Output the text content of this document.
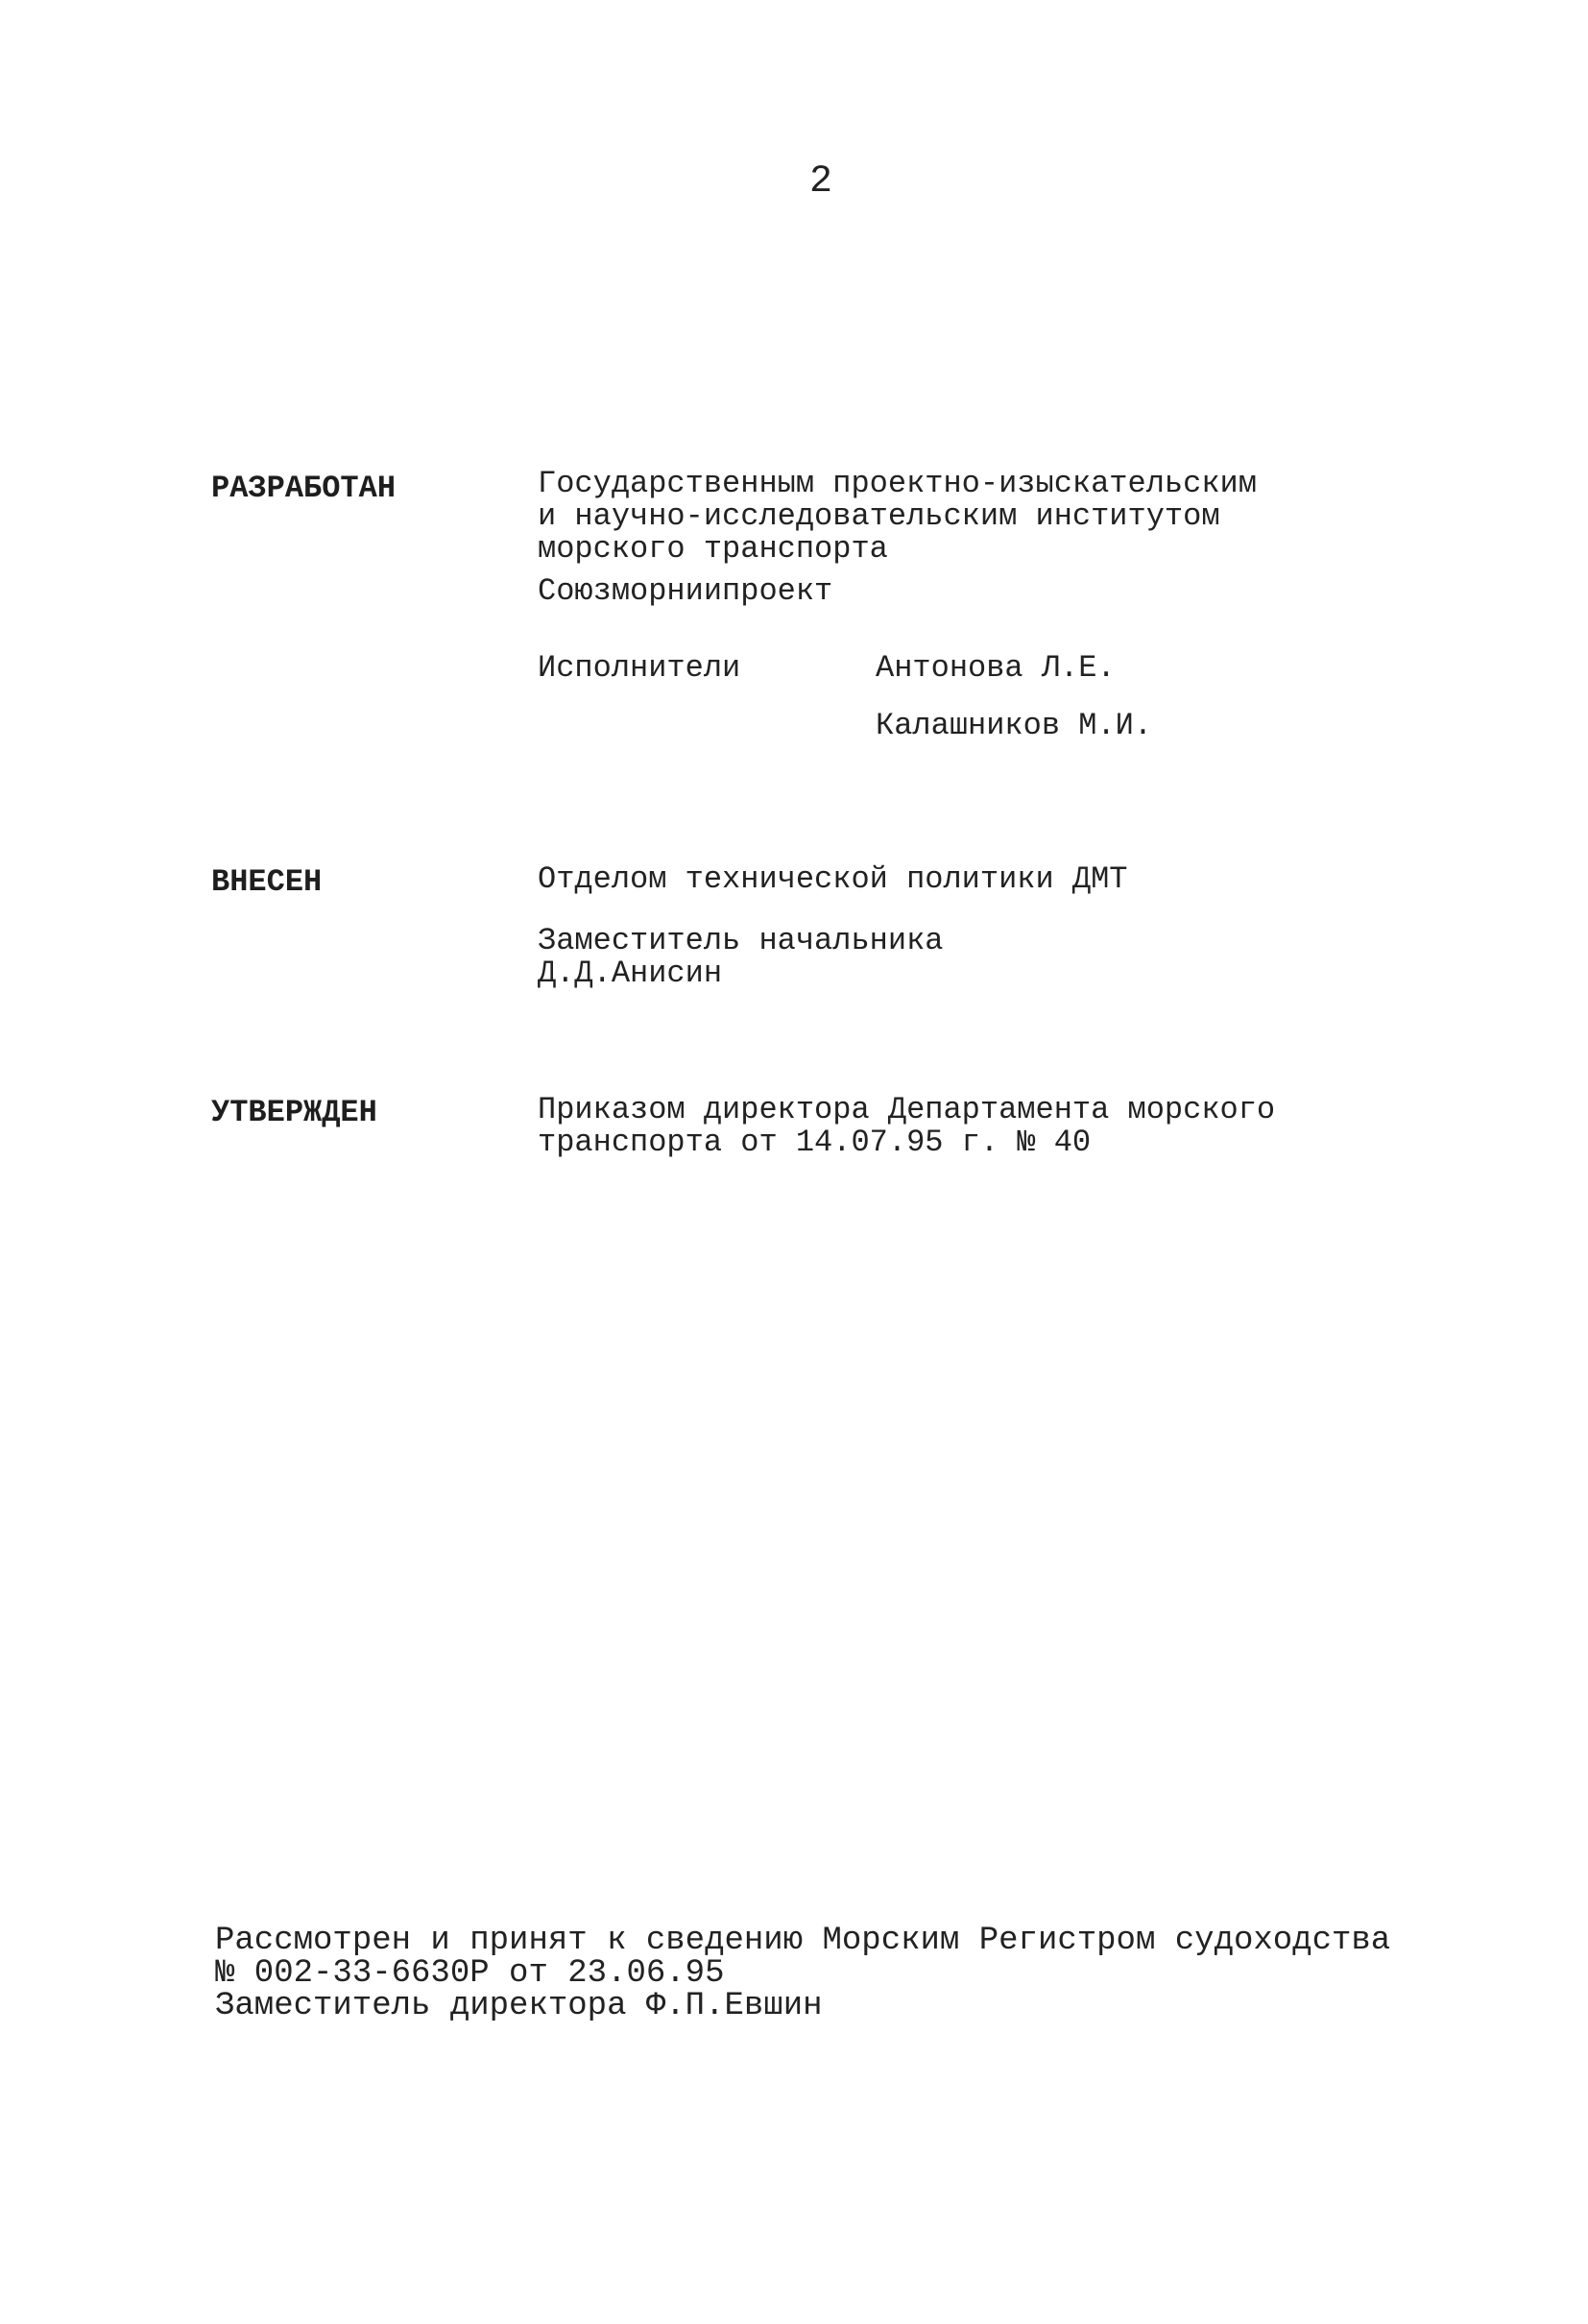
2
РАЗРАБОТАН	Государственным проектно-изыскательским
и научно-исследовательским институтом
морского транспорта
Союзморниипроект
Исполнители	Антонова Л.Е.
Калашников М.И.
ВНЕСЕН	Отделом технической политики ДМТ
Заместитель начальника
Д.Д.Анисин
УТВЕРЖДЕН	Приказом директора Департамента морского
транспорта от 14.07.95 г. № 40
Рассмотрен и принят к сведению Морским Регистром судоходства
№ 002-33-6630Р от 23.06.95
Заместитель директора Ф.П.Евшин
